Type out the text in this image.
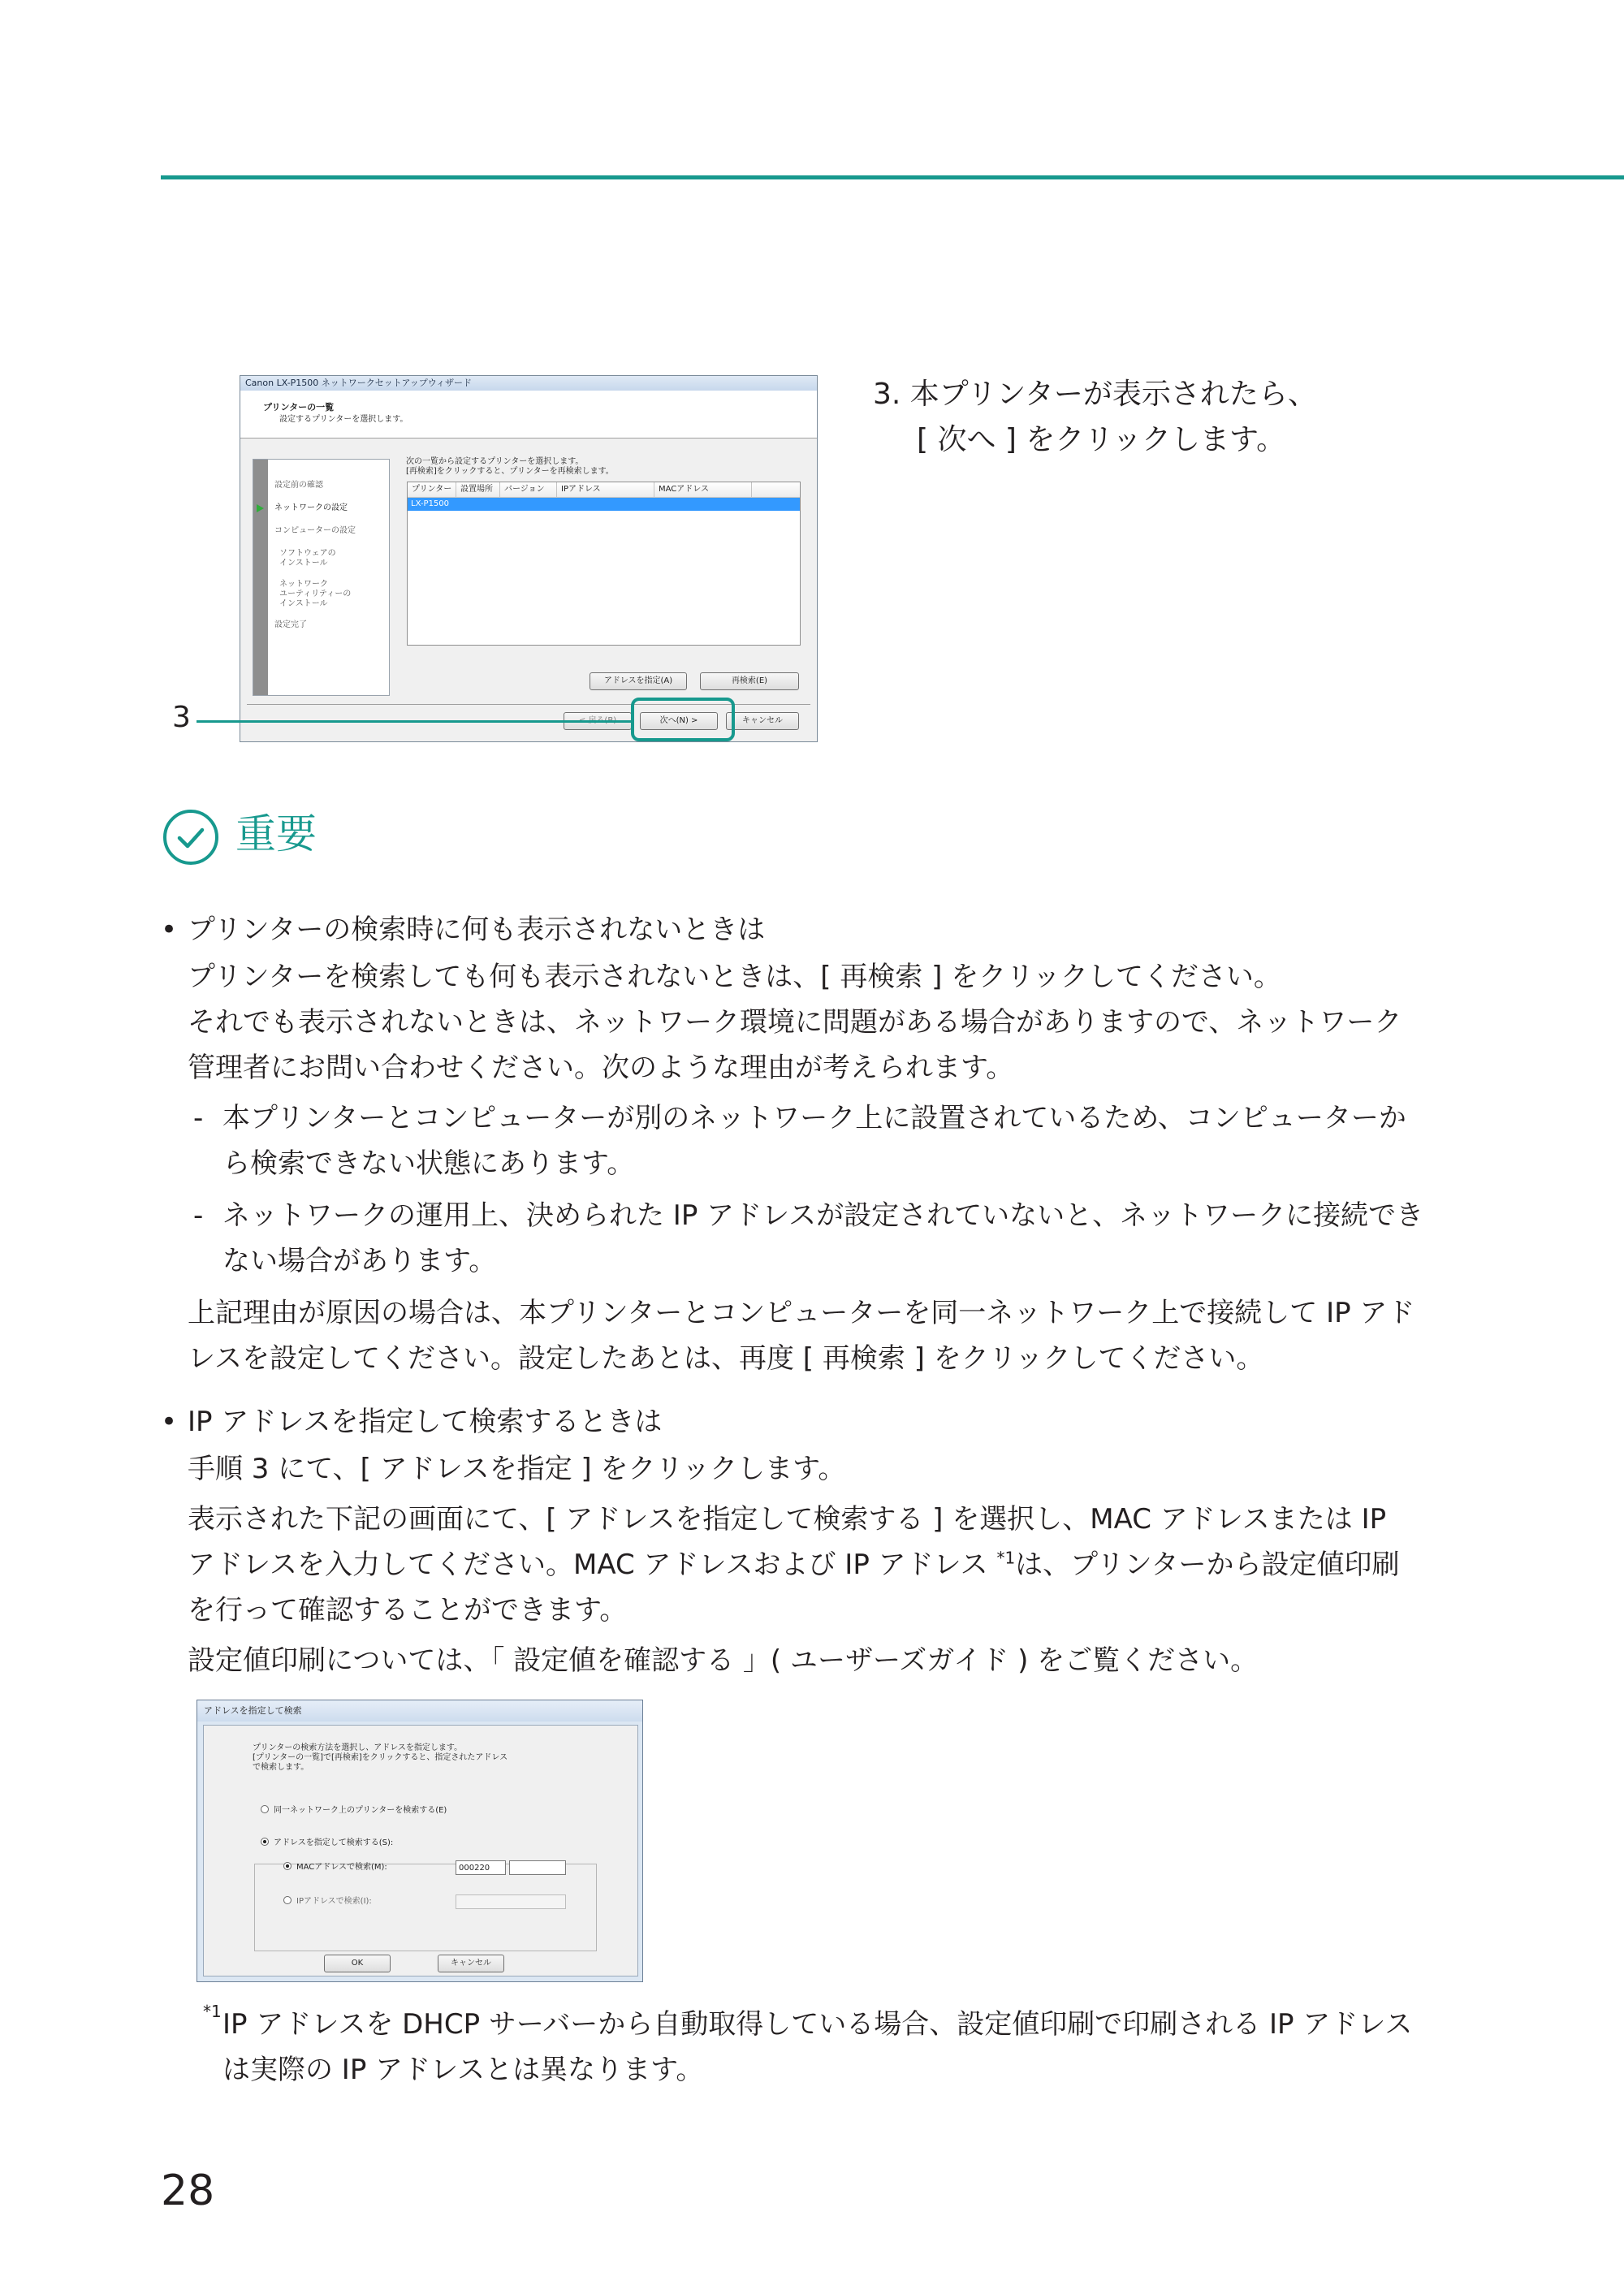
Canon LX-P1500 ネットワークセットアップウィザード
プリンターの一覧
設定するプリンターを選択します。
設定前の確認
ネットワークの設定
コンピューターの設定
ソフトウェアの
インストール
ネットワーク
ユーティリティーの
インストール
設定完了
次の一覧から設定するプリンターを選択します。
[再検索]をクリックすると、プリンターを再検索します。
プリンター	設置場所	バージョン	IPアドレス	MACアドレス
LX-P1500
アドレスを指定(A)	再検索(E)
次へ(N) >	キャンセル
3
3. 本プリンターが表示されたら、
[ 次へ ] をクリックします。
重要
• プリンターの検索時に何も表示されないときは
プリンターを検索しても何も表示されないときは、[ 再検索 ] をクリックしてください。
それでも表示されないときは、ネットワーク環境に問題がある場合がありますので、ネットワーク
管理者にお問い合わせください。次のような理由が考えられます。
- 本プリンターとコンピューターが別のネットワーク上に設置されているため、コンピューターか
ら検索できない状態にあります。
- ネットワークの運用上、決められた IP アドレスが設定されていないと、ネットワークに接続でき
ない場合があります。
上記理由が原因の場合は、本プリンターとコンピューターを同一ネットワーク上で接続して IP アド
レスを設定してください。設定したあとは、再度 [ 再検索 ] をクリックしてください。
• IP アドレスを指定して検索するときは
手順 3 にて、[ アドレスを指定 ] をクリックします。
表示された下記の画面にて、[ アドレスを指定して検索する ] を選択し、MAC アドレスまたは IP
アドレスを入力してください。MAC アドレスおよび IP アドレス $^{*1}$は、プリンターから設定値印刷
を行って確認することができます。
設定値印刷については、「 設定値を確認する 」( ユーザーズガイド ) をご覧ください。
アドレスを指定して検索
プリンターの検索方法を選択し、アドレスを指定します。
[プリンターの一覧]で[再検索]をクリックすると、指定されたアドレス
で検索します。
同一ネットワーク上のプリンターを検索する(E)
アドレスを指定して検索する(S):
MACアドレスで検索(M):	000220
IPアドレスで検索(I):
OK	キャンセル
*1 IP アドレスを DHCP サーバーから自動取得している場合、設定値印刷で印刷される IP アドレス
は実際の IP アドレスとは異なります。
28
